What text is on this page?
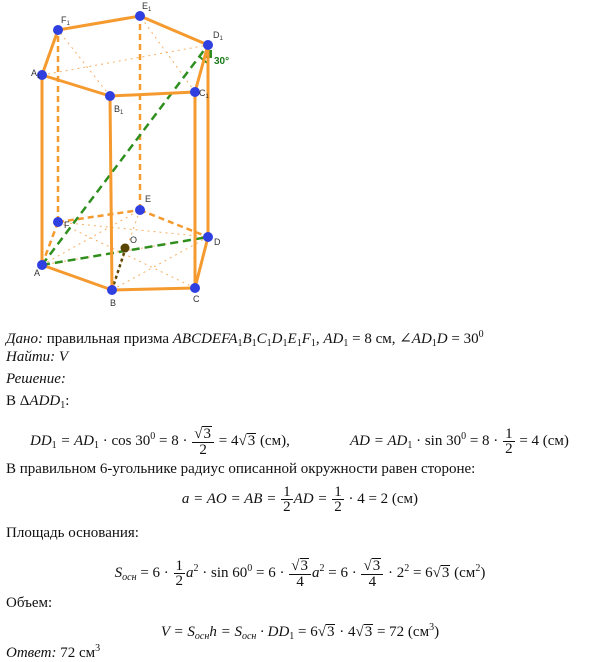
$F_1$
$E_1$
$D_1$
$A_1$
$B_1$
$C_1$
F
E
D
A
B	C
O
30°
Дано: правильная призма $ABCDEFA_1B_1C_1D_1E_1F_1$, $AD_1 = 8$ см, $\angle AD_1D = 30^0$
Найти: V
Решение:
В $\Delta ADD_1$:
$DD_1 = AD_1 \cdot \cos 30^0 = 8 \cdot \frac{√3}{2} = 4√3$ (см),	AD = $AD_1 \cdot \sin 30^0 = 8 \cdot \frac{1}{2} = 4$ (см)
В правильном 6-угольнике радиус описанной окружности равен стороне:
a = AO = AB = $\frac{1}{2}$ AD = $\frac{1}{2} \cdot 4 = 2$ (см)
Площадь основания:
$S_{осн} = 6 \cdot \frac{1}{2} a^2 \cdot \sin 60^0 = 6 \cdot \frac{√3}{4} a^2 = 6 \cdot \frac{√3}{4} \cdot 2^2 = 6√3$ $(см^2)$
Объем:
$V = S_{осн}h = S_{осн} \cdot DD_1 = 6√3 \cdot 4√3 = 72$ $(см^3)$
Ответ: 72 $см^3$
